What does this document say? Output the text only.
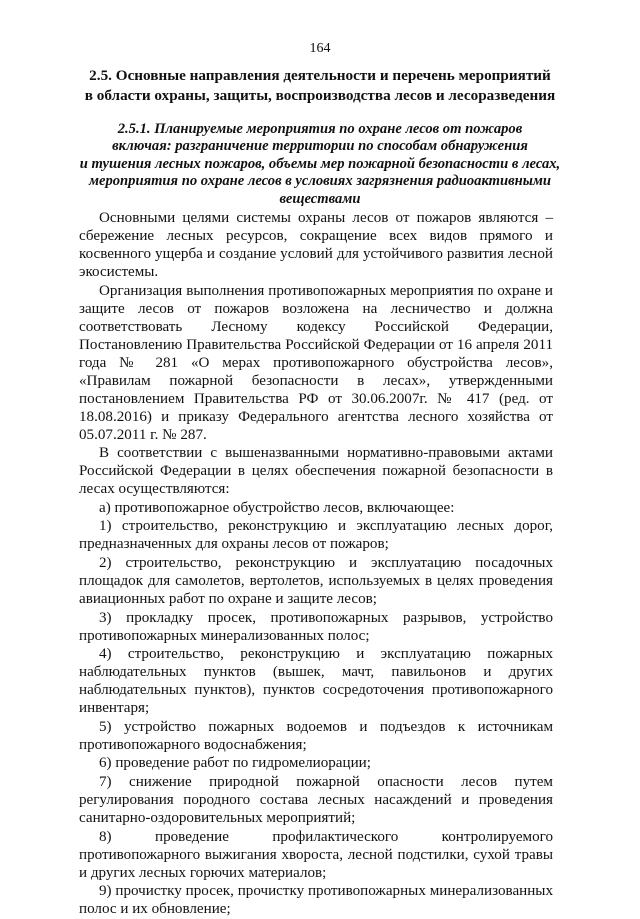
164
2.5. Основные направления деятельности и перечень мероприятий
в области охраны, защиты, воспроизводства лесов и лесоразведения
2.5.1. Планируемые мероприятия по охране лесов от пожаров
включая: разграничение территории по способам обнаружения
и тушения лесных пожаров, объемы мер пожарной безопасности в лесах,
мероприятия по охране лесов в условиях загрязнения радиоактивными
веществами

Основными целями системы охраны лесов от пожаров являются – сбережение лесных ресурсов, сокращение всех видов прямого и косвенного ущерба и создание условий для устойчивого развития лесной экосистемы.

Организация выполнения противопожарных мероприятия по охране и защите лесов от пожаров возложена на лесничество и должна соответствовать Лесному кодексу Российской Федерации, Постановлению Правительства Российской Федерации от 16 апреля 2011 года № 281 «О мерах противопожарного обустройства лесов», «Правилам пожарной безопасности в лесах», утвержденными постановлением Правительства РФ от 30.06.2007г. № 417 (ред. от 18.08.2016) и приказу Федерального агентства лесного хозяйства от 05.07.2011 г. № 287.

В соответствии с вышеназванными нормативно-правовыми актами Российской Федерации в целях обеспечения пожарной безопасности в лесах осуществляются:

а) противопожарное обустройство лесов, включающее:

1) строительство, реконструкцию и эксплуатацию лесных дорог, предназначенных для охраны лесов от пожаров;

2) строительство, реконструкцию и эксплуатацию посадочных площадок для самолетов, вертолетов, используемых в целях проведения авиационных работ по охране и защите лесов;

3) прокладку просек, противопожарных разрывов, устройство противопожарных минерализованных полос;

4) строительство, реконструкцию и эксплуатацию пожарных наблюдательных пунктов (вышек, мачт, павильонов и других наблюдательных пунктов), пунктов сосредоточения противопожарного инвентаря;

5) устройство пожарных водоемов и подъездов к источникам противопожарного водоснабжения;

6) проведение работ по гидромелиорации;

7) снижение природной пожарной опасности лесов путем регулирования породного состава лесных насаждений и проведения санитарно-оздоровительных мероприятий;

8) проведение профилактического контролируемого противопожарного выжигания хвороста, лесной подстилки, сухой травы и других лесных горючих материалов;

9) прочистку просек, прочистку противопожарных минерализованных полос и их обновление;
